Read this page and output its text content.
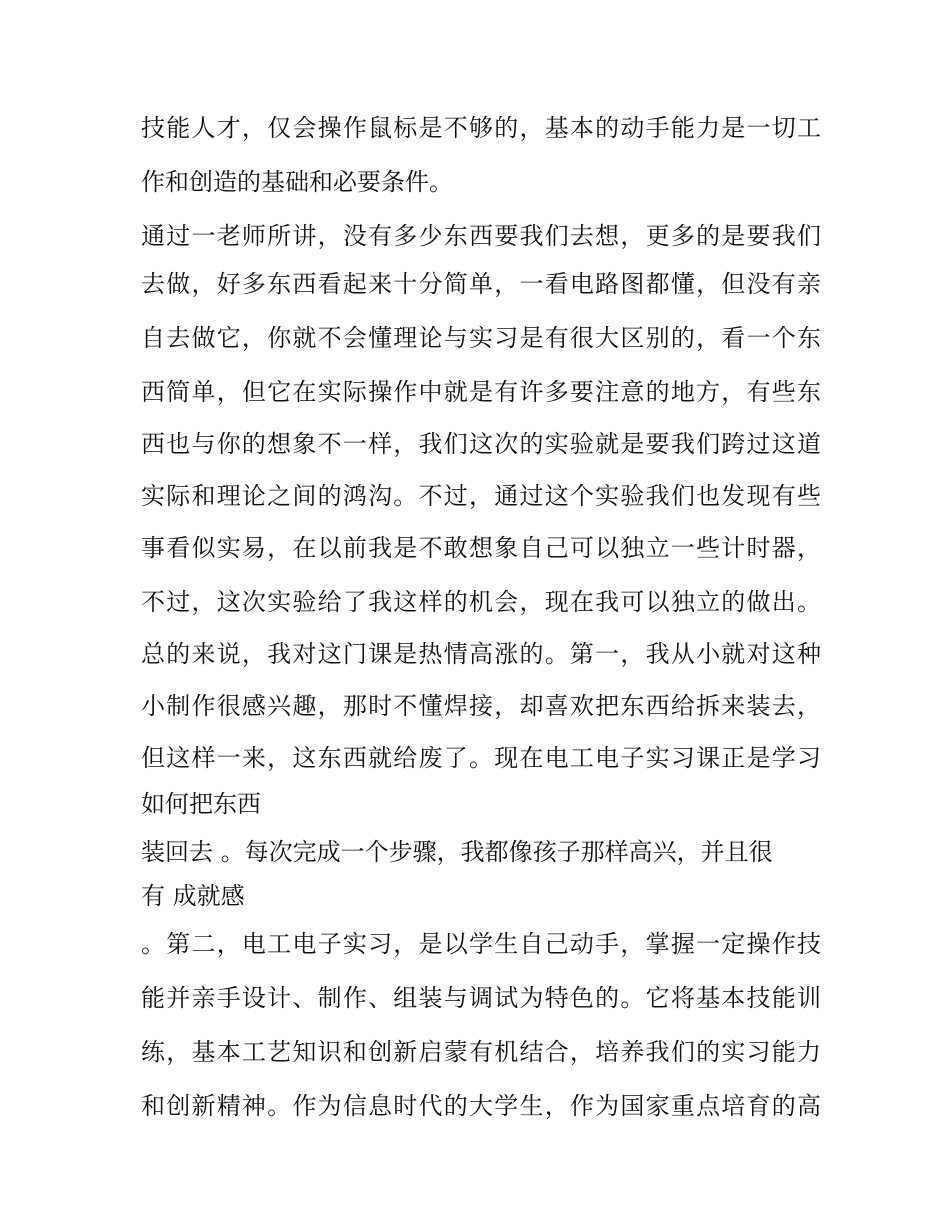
技能人才，仅会操作鼠标是不够的，基本的动手能力是一切工
作和创造的基础和必要条件。
通过一老师所讲，没有多少东西要我们去想，更多的是要我们
去做，好多东西看起来十分简单，一看电路图都懂，但没有亲
自去做它，你就不会懂理论与实习是有很大区别的，看一个东
西简单，但它在实际操作中就是有许多要注意的地方，有些东
西也与你的想象不一样，我们这次的实验就是要我们跨过这道
实际和理论之间的鸿沟。不过，通过这个实验我们也发现有些
事看似实易，在以前我是不敢想象自己可以独立一些计时器，
不过，这次实验给了我这样的机会，现在我可以独立的做出。
总的来说，我对这门课是热情高涨的。第一，我从小就对这种
小制作很感兴趣，那时不懂焊接，却喜欢把东西给拆来装去，
但这样一来，这东西就给废了。现在电工电子实习课正是学习
如何把东西
装回去 。每次完成一个步骤，我都像孩子那样高兴，并且很
有 成就感
。第二，电工电子实习，是以学生自己动手，掌握一定操作技
能并亲手设计、制作、组装与调试为特色的。它将基本技能训
练，基本工艺知识和创新启蒙有机结合，培养我们的实习能力
和创新精神。作为信息时代的大学生，作为国家重点培育的高
